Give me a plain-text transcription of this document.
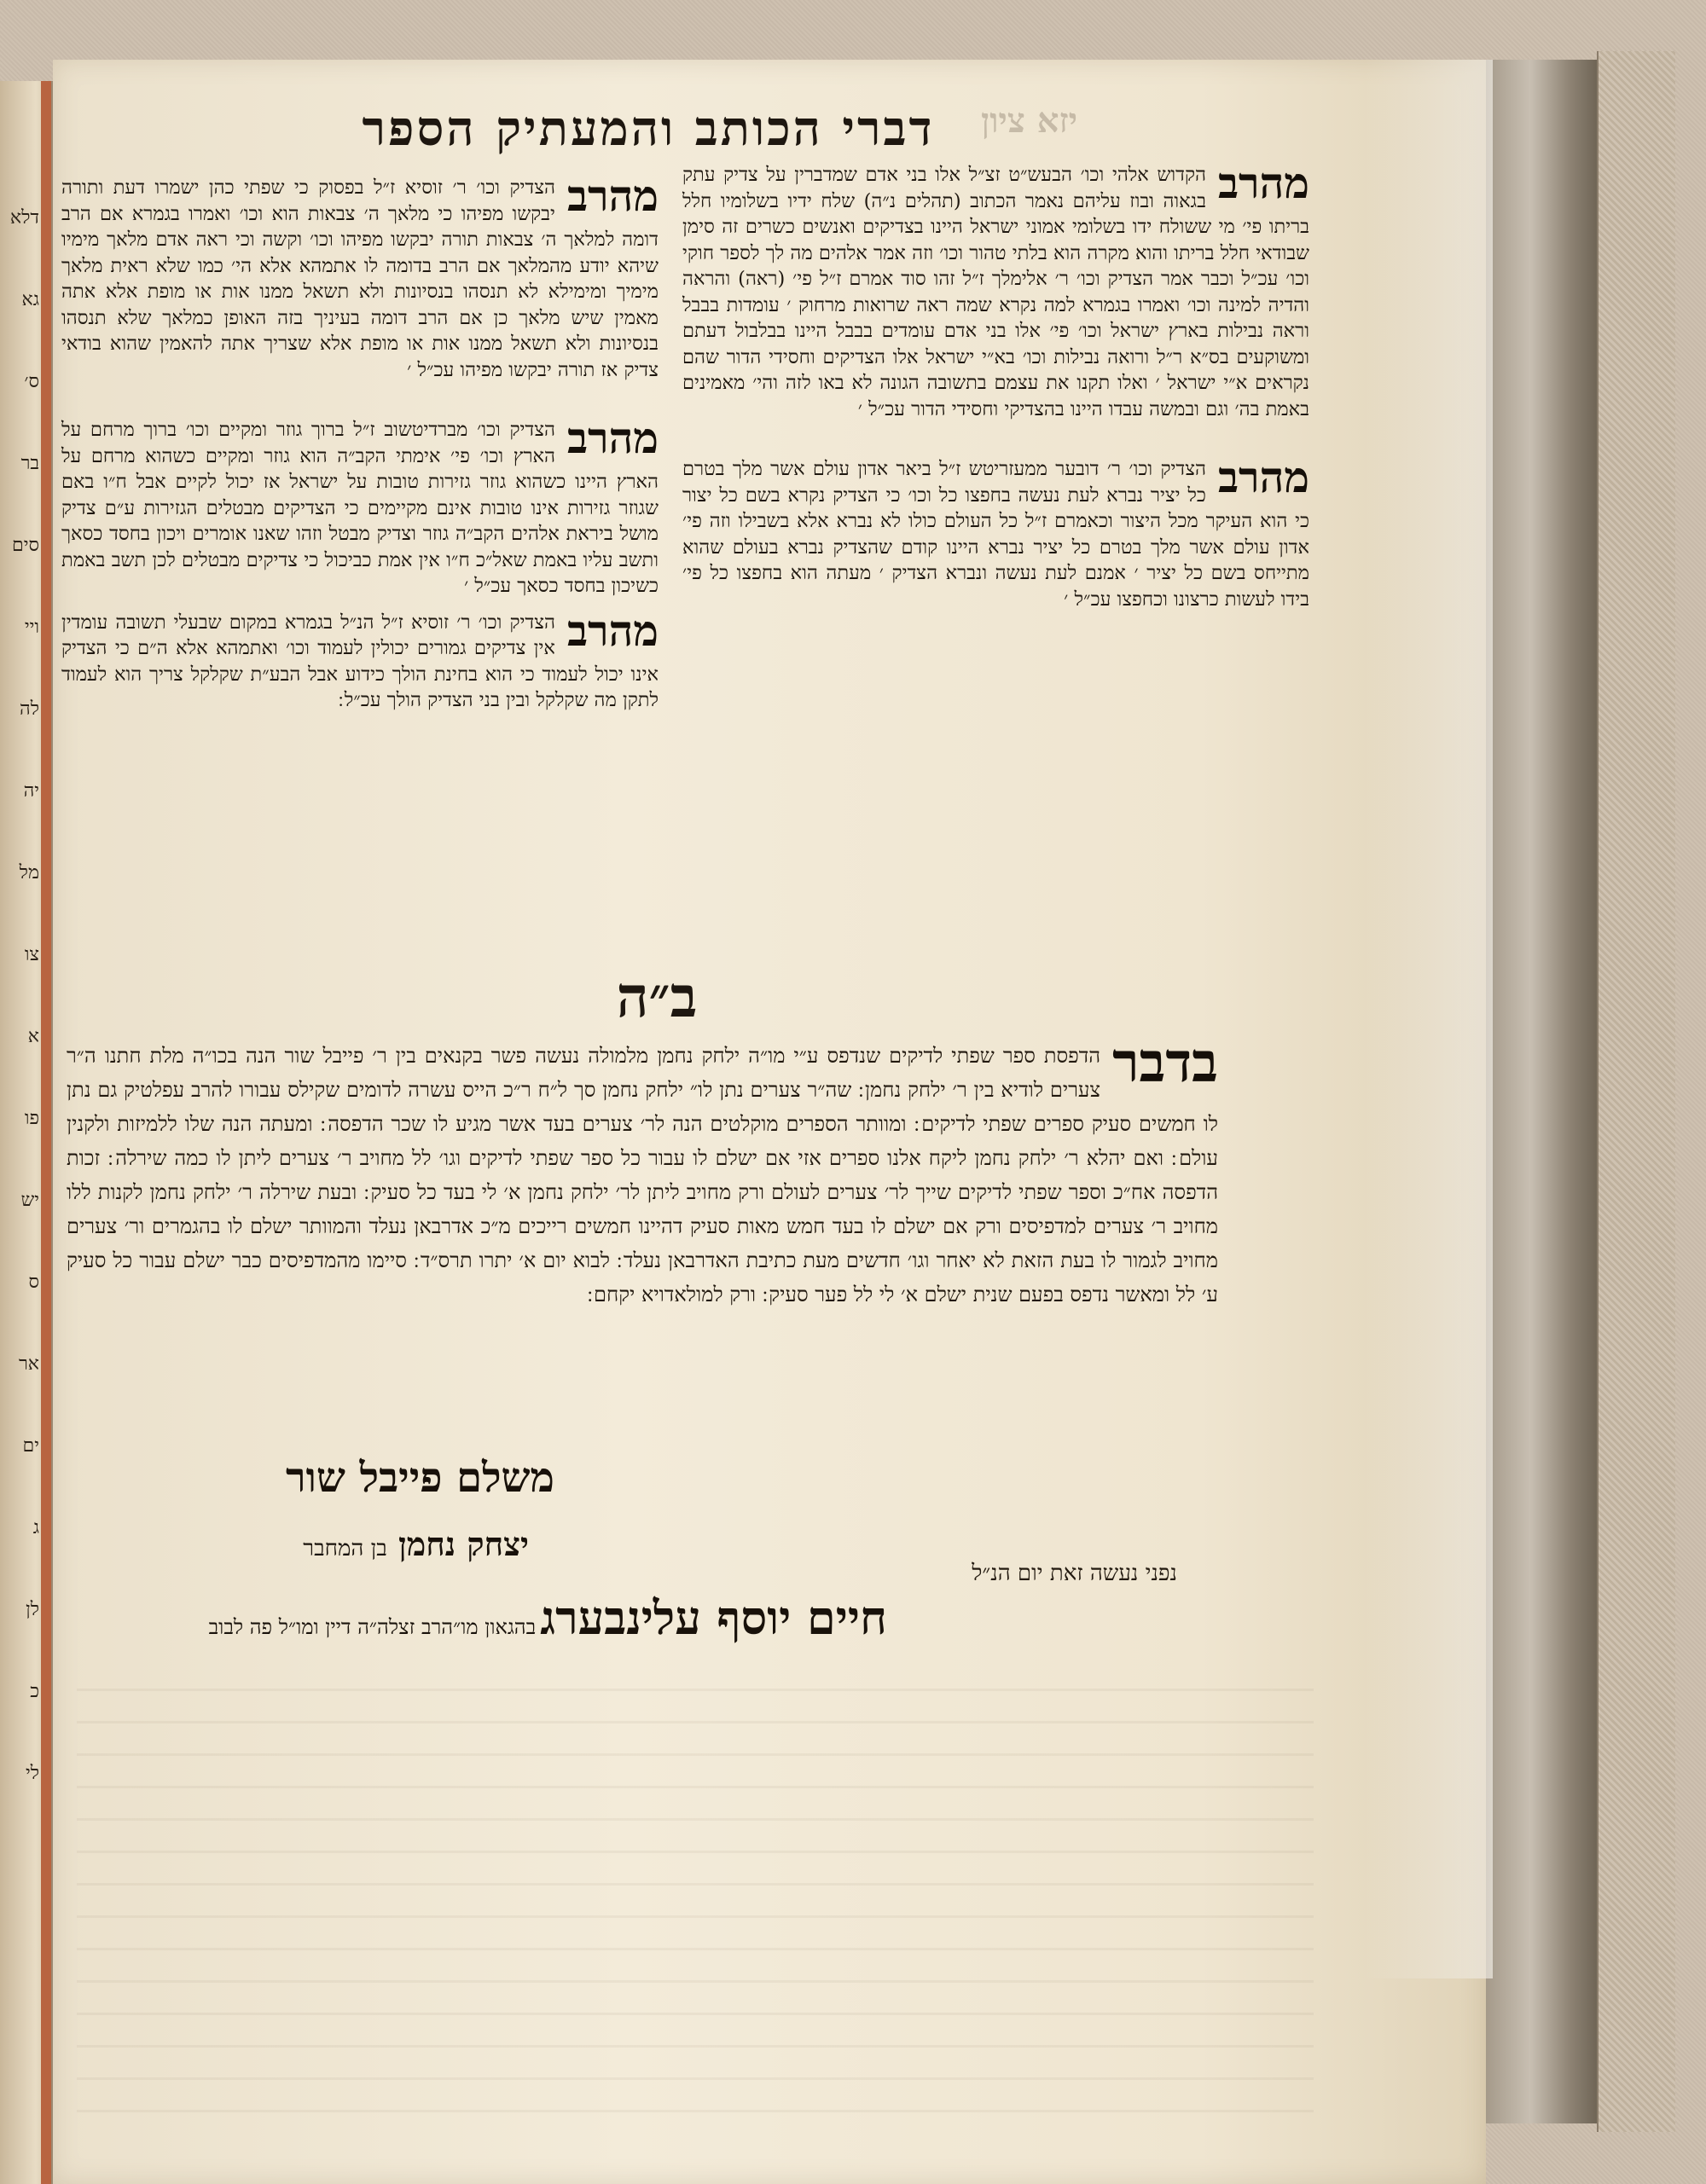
דלא
גא
ס׳
בר
סים
ויי
לה
יה
מל
צו
א
פו
יש
ס
אר
ים
ג
לן
כ
לי
דברי הכותב והמעתיק הספר	יזא ציון
מהרב

הקדוש אלהי וכו׳ הבעש״ט זצ״ל אלו בני אדם שמדברין על צדיק עתק בגאוה ובוז עליהם נאמר הכתוב (תהלים נ״ה) שלח ידיו בשלומיו חלל בריתו פי׳ מי ששולח ידו בשלומי אמוני ישראל היינו בצדיקים ואנשים כשרים זה סימן שבודאי חלל בריתו והוא מקרה הוא בלתי טהור וכו׳ וזה אמר אלהים מה לך לספר חוקי וכו׳ עכ״ל וכבר אמר הצדיק וכו׳ ר׳ אלימלך ז״ל זהו סוד אמרם ז״ל פי׳ (ראה) והראה והדיה למינה וכו׳ ואמרו בגמרא למה נקרא שמה ראה שרואות מרחוק ׳ עומדות בבבל וראה נבילות בארץ ישראל וכו׳ פי׳ אלו בני אדם עומדים בבבל היינו בבלבול דעתם ומשוקעים בס״א ר״ל ורואה נבילות וכו׳ בא״י ישראל אלו הצדיקים וחסידי הדור שהם נקראים א״י ישראל ׳ ואלו תקנו את עצמם בתשובה הגונה לא באו לזה והי׳ מאמינים באמת בה׳ וגם ובמשה עבדו היינו בהצדיקי וחסידי הדור עכ״ל ׳

מהרב

הצדיק וכו׳ ר׳ דובער ממעזריטש ז״ל ביאר אדון עולם אשר מלך בטרם כל יציר נברא לעת נעשה בחפצו כל וכו׳ כי הצדיק נקרא בשם כל יצור כי הוא העיקר מכל היצור וכאמרם ז״ל כל העולם כולו לא נברא אלא בשבילו וזה פי׳ אדון עולם אשר מלך בטרם כל יציר נברא היינו קודם שהצדיק נברא בעולם שהוא מתייחס בשם כל יציר ׳ אמנם לעת נעשה ונברא הצדיק ׳ מעתה הוא בחפצו כל פי׳ בידו לעשות כרצונו וכחפצו עכ״ל ׳

מהרב

הצדיק וכו׳ ר׳ זוסיא ז״ל בפסוק כי שפתי כהן ישמרו דעת ותורה יבקשו מפיהו כי מלאך ה׳ צבאות הוא וכו׳ ואמרו בגמרא אם הרב דומה למלאך ה׳ צבאות תורה יבקשו מפיהו וכו׳ וקשה וכי ראה אדם מלאך מימיו שיהא יודע מהמלאך אם הרב בדומה לו אתמהא אלא הי׳ כמו שלא ראית מלאך מימיך ומימילא לא תנסהו בנסיונות ולא תשאל ממנו אות או מופת אלא אתה מאמין שיש מלאך כן אם הרב דומה בעיניך בזה האופן כמלאך שלא תנסהו בנסיונות ולא תשאל ממנו אות או מופת אלא שצריך אתה להאמין שהוא בודאי צדיק אז תורה יבקשו מפיהו עכ״ל ׳

מהרב

הצדיק וכו׳ מברדיטשוב ז״ל ברוך גוזר ומקיים וכו׳ ברוך מרחם על הארץ וכו׳ פי׳ אימתי הקב״ה הוא גוזר ומקיים כשהוא מרחם על הארץ היינו כשהוא גוזר גזירות טובות על ישראל אז יכול לקיים אבל ח״ו באם שגוזר גזירות אינו טובות אינם מקיימים כי הצדיקים מבטלים הגזירות ע״ם צדיק מושל ביראת אלהים הקב״ה גוזר וצדיק מבטל וזהו שאנו אומרים ויכון בחסד כסאך ותשב עליו באמת שאל״כ ח״ו אין אמת כביכול כי צדיקים מבטלים לכן תשב באמת כשיכון בחסד כסאך עכ״ל ׳

מהרב

הצדיק וכו׳ ר׳ זוסיא ז״ל הנ״ל בגמרא במקום שבעלי תשובה עומדין אין צדיקים גמורים יכולין לעמוד וכו׳ ואתמהא אלא ה״ם כי הצדיק אינו יכול לעמוד כי הוא בחינת הולך כידוע אבל הבע״ת שקלקל צריך הוא לעמוד לתקן מה שקלקל ובין בני הצדיק הולך עכ״ל ׃

ב״ה
בדבר
הדפסת ספר שפתי לדיקים שנדפס ע״י מו״ה ילחק נחמן מלמולה נעשה פשר בקנאים בין ר׳ פייבל שור הנה בכו״ה מלת חתנו ה״ר צערים לודיא בין ר׳ ילחק נחמן ׃ שה״ר צערים נתן לו״ ילחק נחמן סך ל״ח ר״כ הייס עשרה לדומים שקילס עבורו להרב עפלטיק גם נתן לו חמשים סעיק ספרים שפתי לדיקים ׃ ומוותר הספרים מוקלטים הנה לר׳ צערים בעד אשר מגיע לו שכר הדפסה ׃ ומעתה הנה שלו ללמיזות ולקנין עולם ׃ ואם יהלא ר׳ ילחק נחמן ליקח אלנו ספרים אזי אם ישלם לו עבור כל ספר שפתי לדיקים וגו׳ לל מחויב ר׳ צערים ליתן לו כמה שירלה ׃ זכות הדפסה אח״כ וספר שפתי לדיקים שייך לר׳ צערים לעולם ורק מחויב ליתן לר׳ ילחק נחמן א׳ לי בעד כל סעיק ׃ ובעת שירלה ר׳ ילחק נחמן לקנות ללו מחויב ר׳ צערים למדפיסים ורק אם ישלם לו בעד חמש מאות סעיק דהיינו חמשים רייכים מ״כ אדרבאן נעלד והמוותר ישלם לו בהגמרים ור׳ צערים מחויב לגמור לו בעת הזאת לא יאחר וגו׳ חדשים מעת כתיבת האדרבאן נעלד ׃ לבוא יום א׳ יתרו תרס״ד ׃ סיימו מהמדפיסים כבר ישלם עבור כל סעיק ע׳ לל ומאשר נדפס בפעם שנית ישלם א׳ לי לל פער סעיק ׃ ורק למולאדויא יקחם ׃
משלם פייבל שור
יצחק נחמן בן המחבר
נפני נעשה זאת יום הנ״ל
חיים יוסף עלינבערג בהגאון מו״הרב זצלה״ה דיין ומו״ל פה לבוב
